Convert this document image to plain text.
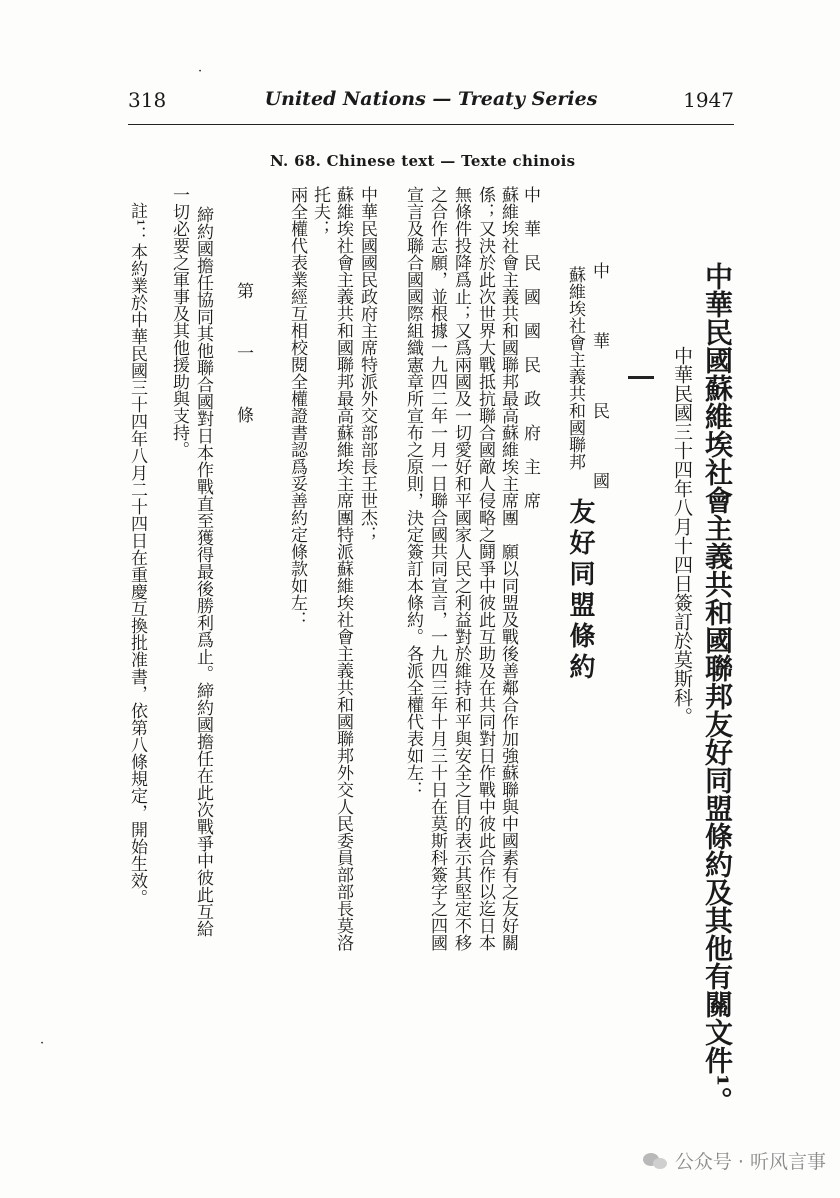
318	United Nations — Treaty Series	1947
N. 68. Chinese text — Texte chinois
中華民國蘇維埃社會主義共和國聯邦友好同盟條約及其他有關文件¹。
中華民國三十四年八月十四日簽訂於莫斯科。
中　華　民　國
蘇維埃社會主義共和國聯邦
友好同盟條約
中　華　民　國　國　民　政　府　主　席
蘇維埃社會主義共和國聯邦最高蘇維埃主席團　願以同盟及戰後善鄰合作加強蘇聯與中國素有之友好關
係；又決於此次世界大戰抵抗聯合國敵人侵略之鬪爭中彼此互助及在共同對日作戰中彼此合作以迄日本
無條件投降爲止；又爲兩國及一切愛好和平國家人民之利益對於維持和平與安全之目的表示其堅定不移
之合作志願，並根據一九四二年一月一日聯合國共同宣言，一九四三年十月三十日在莫斯科簽字之四國
宣言及聯合國國際組織憲章所宣布之原則，決定簽訂本條約。各派全權代表如左：
中華民國國民政府主席特派外交部部長王世杰；
蘇維埃社會主義共和國聯邦最高蘇維埃主席團特派蘇維埃社會主義共和國聯邦外交人民委員部部長莫洛
托夫；
兩全權代表業經互相校閱全權證書認爲妥善約定條款如左：
第　一　條
締約國擔任協同其他聯合國對日本作戰直至獲得最後勝利爲止。締約國擔任在此次戰爭中彼此互給
一切必要之軍事及其他援助與支持。
註¹：本約業於中華民國三十四年八月二十四日在重慶互換批准書，依第八條規定，開始生效。
·
·
公众号 · 听风言事
